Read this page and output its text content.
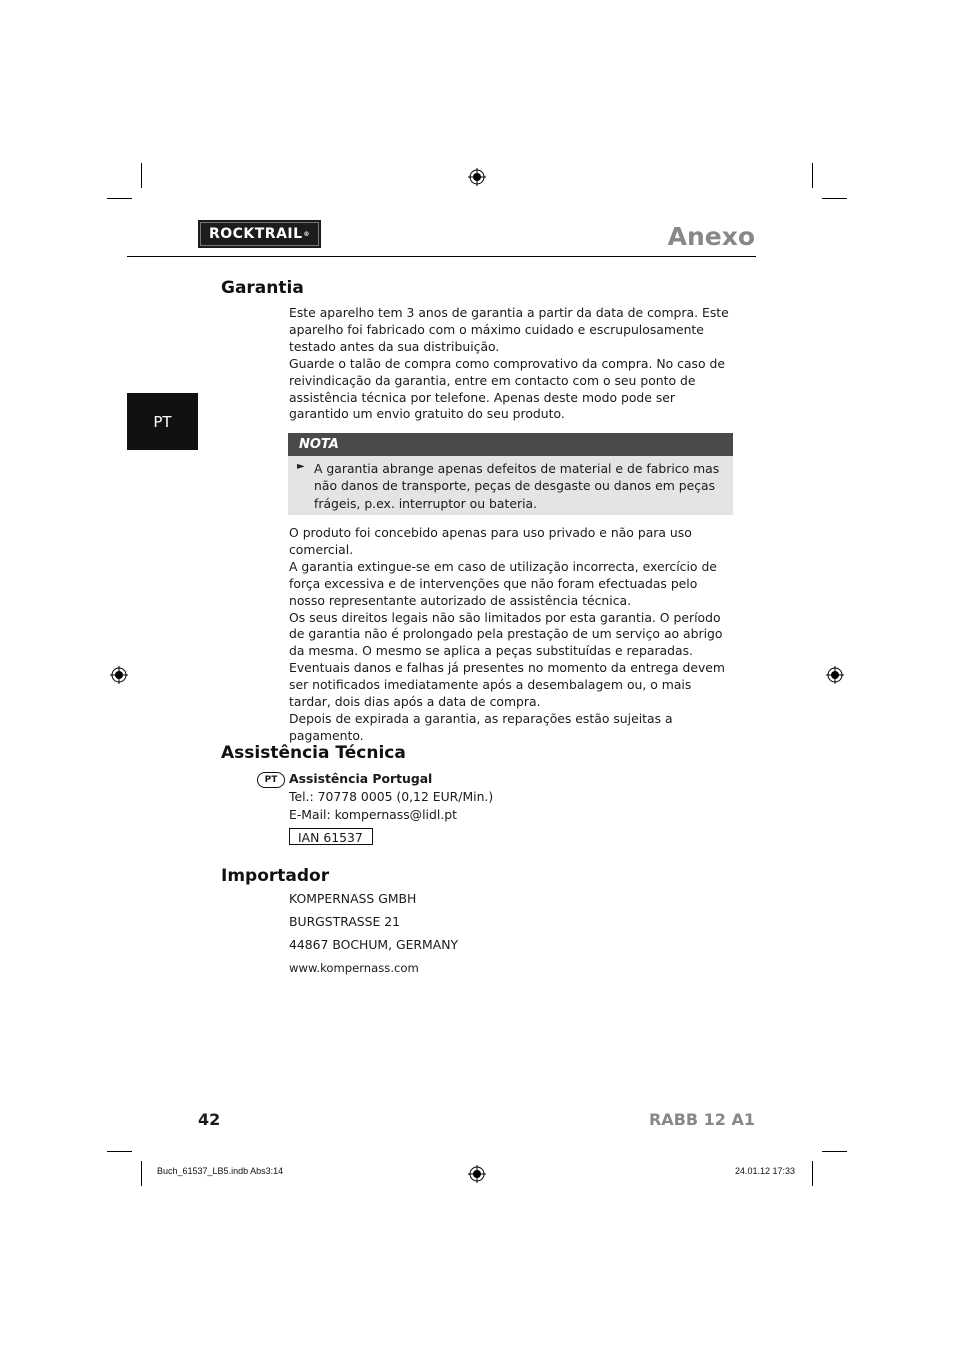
ROCKTRAIL ®	Anexo
PT
Garantia

Este aparelho tem 3 anos de garantia a partir da data de compra. Este aparelho foi fabricado com o máximo cuidado e escrupulosamente testado antes da sua distribuição.

Guarde o talão de compra como comprovativo da compra. No caso de reivindicação da garantia, entre em contacto com o seu ponto de assistência técnica por telefone. Apenas deste modo pode ser garantido um envio gratuito do seu produto.

NOTA
► A garantia abrange apenas defeitos de material e de fabrico mas não danos de transporte, peças de desgaste ou danos em peças frágeis, p.ex. interruptor ou bateria.

O produto foi concebido apenas para uso privado e não para uso comercial.

A garantia extingue-se em caso de utilização incorrecta, exercício de força excessiva e de intervenções que não foram efectuadas pelo nosso representante autorizado de assistência técnica.

Os seus direitos legais não são limitados por esta garantia. O período de garantia não é prolongado pela prestação de um serviço ao abrigo da mesma. O mesmo se aplica a peças substituídas e reparadas.

Eventuais danos e falhas já presentes no momento da entrega devem ser notificados imediatamente após a desembalagem ou, o mais tardar, dois dias após a data de compra.

Depois de expirada a garantia, as reparações estão sujeitas a pagamento.

Assistência Técnica
PT Assistência Portugal
Tel.: 70778 0005 (0,12 EUR/Min.)
E-Mail: kompernass@lidl.pt
IAN 61537
Importador
KOMPERNASS GMBH
BURGSTRASSE 21
44867 BOCHUM, GERMANY
www.kompernass.com
42	RABB 12 A1
Buch_61537_LB5.indb Abs3:14	24.01.12 17:33
